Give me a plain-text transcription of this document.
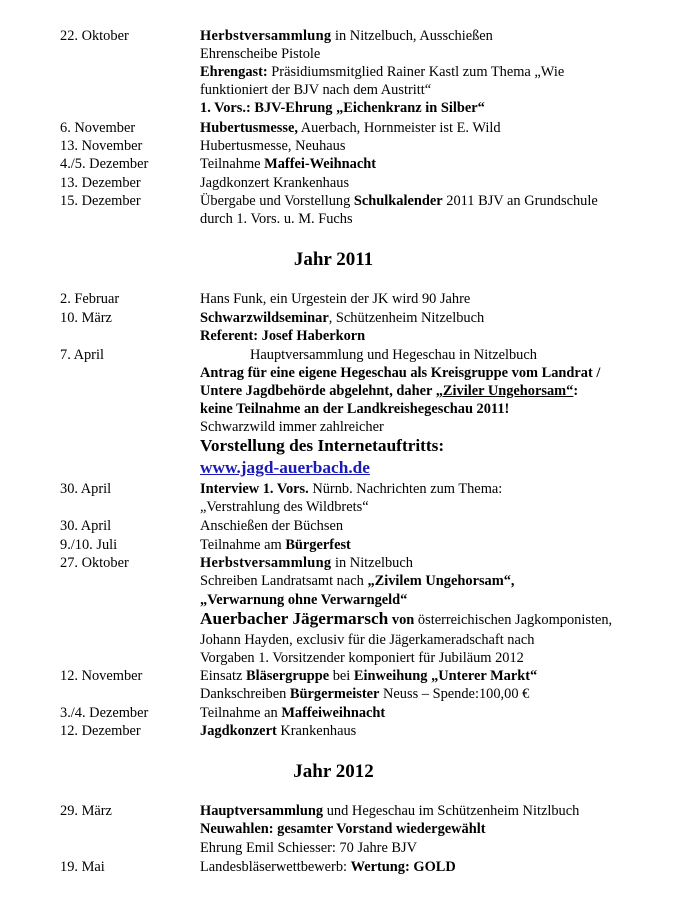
22. Oktober	Herbstversammlung in Nitzelbuch, Ausschießen
Ehrenscheibe Pistole
Ehrengast: Präsidiumsmitglied Rainer Kastl zum Thema „Wie
funktioniert der BJV nach dem Austritt“
1. Vors.: BJV-Ehrung „Eichenkranz in Silber“
6. November	Hubertusmesse, Auerbach, Hornmeister ist E. Wild
13. November	Hubertusmesse, Neuhaus
4./5. Dezember	Teilnahme Maffei-Weihnacht
13. Dezember	Jagdkonzert Krankenhaus
15. Dezember	Übergabe und Vorstellung Schulkalender 2011 BJV an Grundschule
durch 1. Vors. u. M. Fuchs
Jahr 2011
2. Februar	Hans Funk, ein Urgestein der JK wird 90 Jahre
10. März	Schwarzwildseminar, Schützenheim Nitzelbuch
Referent: Josef Haberkorn
7. April	Hauptversammlung und Hegeschau in Nitzelbuch
Antrag für eine eigene Hegeschau als Kreisgruppe vom Landrat /
Untere Jagdbehörde abgelehnt, daher „Ziviler Ungehorsam“:
keine Teilnahme an der Landkreishegeschau 2011!
Schwarzwild immer zahlreicher
Vorstellung des Internetauftritts:
www.jagd-auerbach.de
30. April	Interview 1. Vors. Nürnb. Nachrichten zum Thema:
„Verstrahlung des Wildbrets“
30. April	Anschießen der Büchsen
9./10. Juli	Teilnahme am Bürgerfest
27. Oktober	Herbstversammlung in Nitzelbuch
Schreiben Landratsamt nach „Zivilem Ungehorsam“,
„Verwarnung ohne Verwarngeld“
Auerbacher Jägermarsch von österreichischen Jagkomponisten,
Johann Hayden, exclusiv für die Jägerkameradschaft nach
Vorgaben 1. Vorsitzender komponiert für Jubiläum 2012
12. November	Einsatz Bläsergruppe bei Einweihung „Unterer Markt“
Dankschreiben Bürgermeister Neuss – Spende:100,00 €
3./4. Dezember	Teilnahme an Maffeiweihnacht
12. Dezember	Jagdkonzert Krankenhaus
Jahr 2012
29. März	Hauptversammlung und Hegeschau im Schützenheim Nitzlbuch
Neuwahlen: gesamter Vorstand wiedergewählt
Ehrung Emil Schiesser: 70 Jahre BJV
19. Mai	Landesbläserwettbewerb: Wertung: GOLD
